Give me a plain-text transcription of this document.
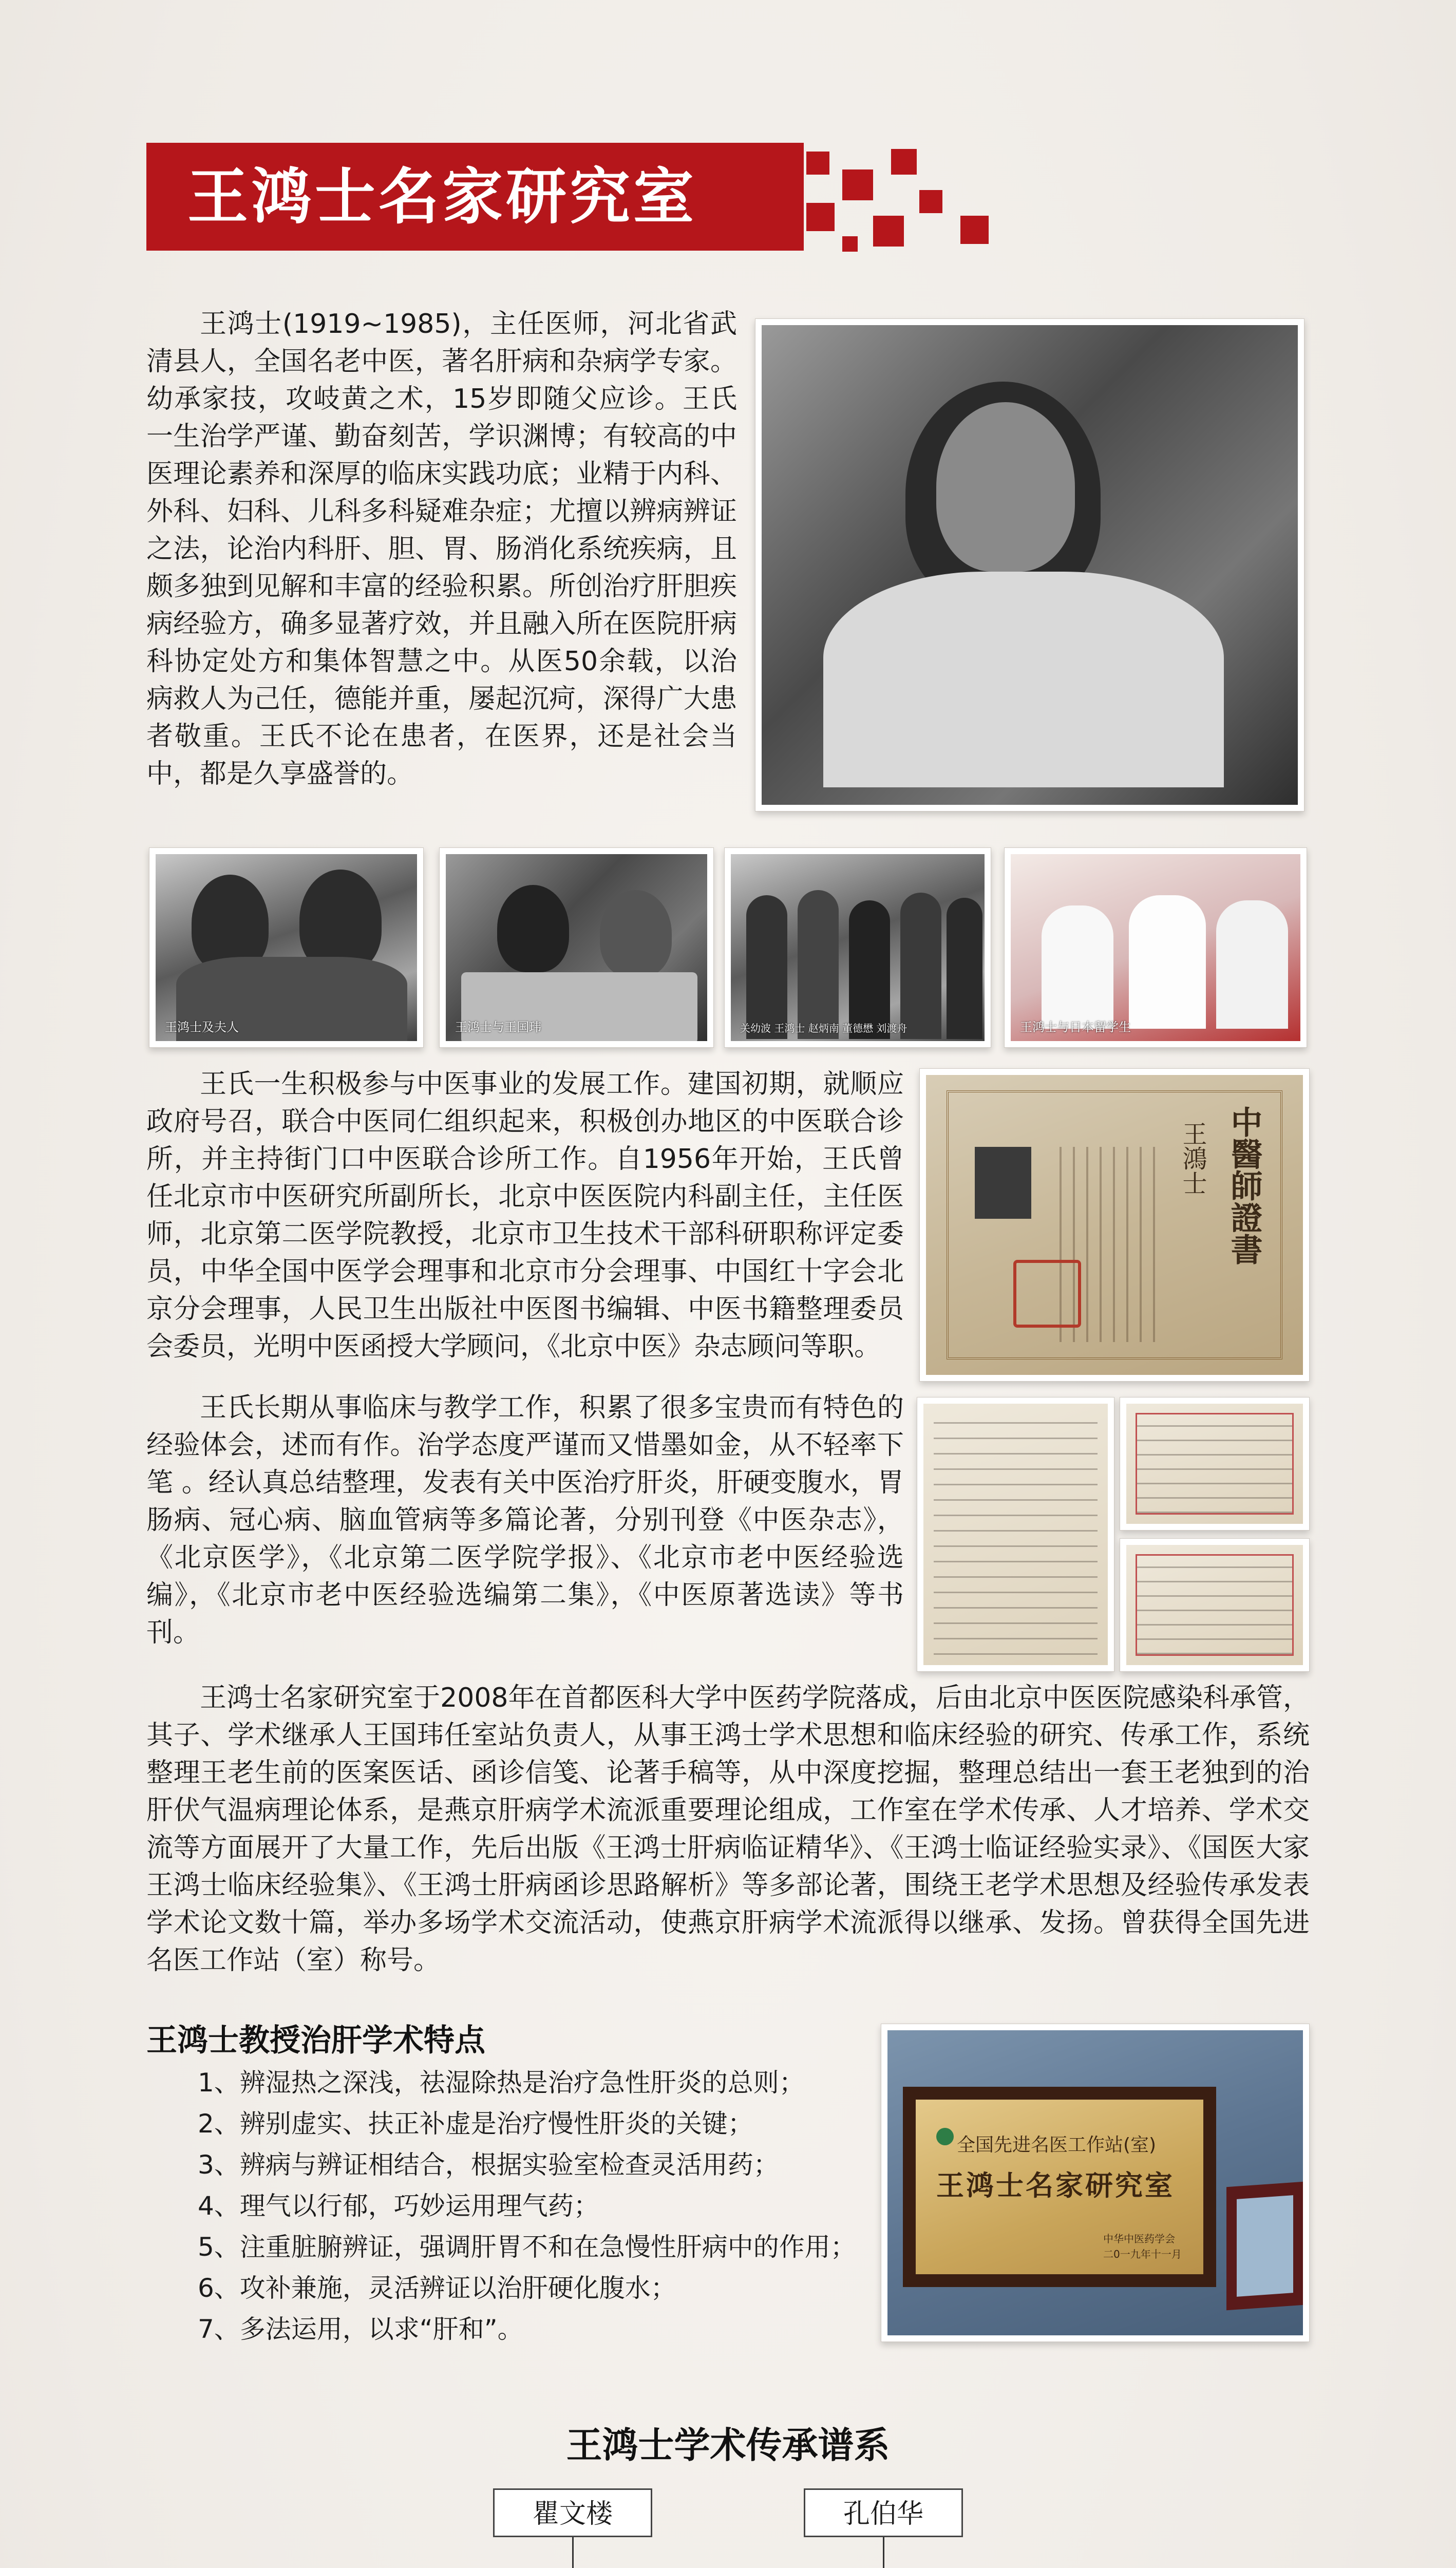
王鸿士名家研究室

王鸿士(1919~1985)，主任医师，河北省武清县人，全国名老中医，著名肝病和杂病学专家。幼承家技，攻岐黄之术，15岁即随父应诊。王氏一生治学严谨、勤奋刻苦，学识渊博；有较高的中医理论素养和深厚的临床实践功底；业精于内科、外科、妇科、儿科多科疑难杂症；尤擅以辨病辨证之法，论治内科肝、胆、胃、肠消化系统疾病，且颇多独到见解和丰富的经验积累。所创治疗肝胆疾病经验方，确多显著疗效，并且融入所在医院肝病科协定处方和集体智慧之中。从医50余载，以治病救人为己任，德能并重，屡起沉疴，深得广大患者敬重。王氏不论在患者，在医界，还是社会当中，都是久享盛誉的。

王鸿士及夫人	王鸿士与王国玮	关幼波 王鸿士 赵炳南 董德懋 刘渡舟	王鸿士与日本留学生

王氏一生积极参与中医事业的发展工作。建国初期，就顺应政府号召，联合中医同仁组织起来，积极创办地区的中医联合诊所，并主持街门口中医联合诊所工作。自1956年开始，王氏曾任北京市中医研究所副所长，北京中医医院内科副主任，主任医师，北京第二医学院教授，北京市卫生技术干部科研职称评定委员，中华全国中医学会理事和北京市分会理事、中国红十字会北京分会理事，人民卫生出版社中医图书编辑、中医书籍整理委员会委员，光明中医函授大学顾问，《北京中医》杂志顾问等职。

中醫師證書
王鴻士

王氏长期从事临床与教学工作，积累了很多宝贵而有特色的经验体会，述而有作。治学态度严谨而又惜墨如金，从不轻率下笔 。经认真总结整理，发表有关中医治疗肝炎，肝硬变腹水，胃肠病、冠心病、脑血管病等多篇论著，分别刊登《中医杂志》，《北京医学》，《北京第二医学院学报》、《北京市老中医经验选编》，《北京市老中医经验选编第二集》，《中医原著选读》等书刊。

王鸿士名家研究室于2008年在首都医科大学中医药学院落成，后由北京中医医院感染科承管，其子、学术继承人王国玮任室站负责人，从事王鸿士学术思想和临床经验的研究、传承工作，系统整理王老生前的医案医话、函诊信笺、论著手稿等，从中深度挖掘，整理总结出一套王老独到的治肝伏气温病理论体系，是燕京肝病学术流派重要理论组成，工作室在学术传承、人才培养、学术交流等方面展开了大量工作，先后出版《王鸿士肝病临证精华》、《王鸿士临证经验实录》、《国医大家王鸿士临床经验集》、《王鸿士肝病函诊思路解析》等多部论著，围绕王老学术思想及经验传承发表学术论文数十篇，举办多场学术交流活动，使燕京肝病学术流派得以继承、发扬。曾获得全国先进名医工作站（室）称号。

王鸿士教授治肝学术特点
1、辨湿热之深浅，祛湿除热是治疗急性肝炎的总则；
2、辨别虚实、扶正补虚是治疗慢性肝炎的关键；
3、辨病与辨证相结合，根据实验室检查灵活用药；
4、理气以行郁，巧妙运用理气药；
5、注重脏腑辨证，强调肝胃不和在急慢性肝病中的作用；
6、攻补兼施，灵活辨证以治肝硬化腹水；
7、多法运用，以求“肝和”。
全国先进名医工作站(室)
王鸿士名家研究室
中华中医药学会
二0一九年十一月
王鸿士学术传承谱系
瞿文楼	孔伯华
